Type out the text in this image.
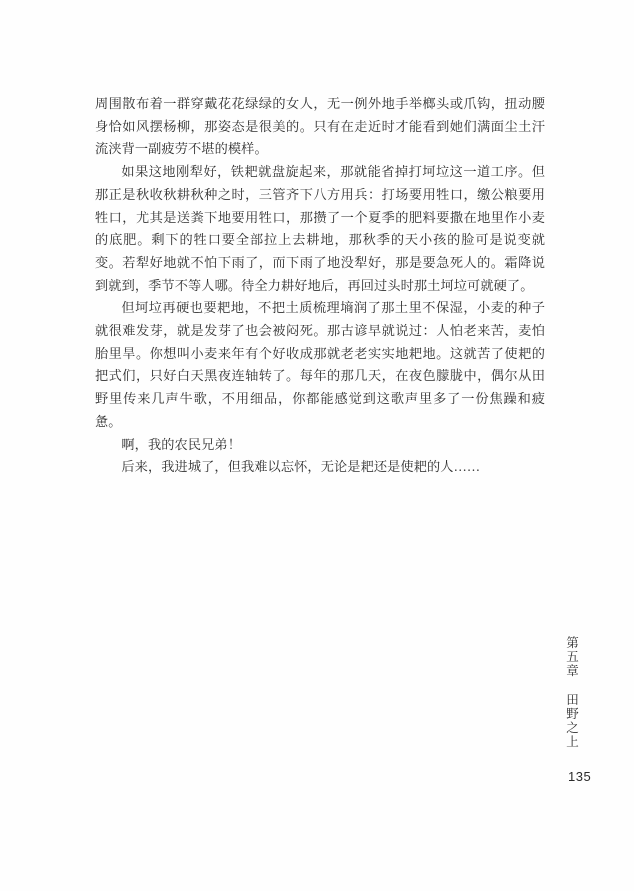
周围散布着一群穿戴花花绿绿的女人，无一例外地手举榔头或爪钩，扭动腰身恰如风摆杨柳，那姿态是很美的。只有在走近时才能看到她们满面尘土汗流浃背一副疲劳不堪的模样。

如果这地刚犁好，铁耙就盘旋起来，那就能省掉打坷垃这一道工序。但那正是秋收秋耕秋种之时，三管齐下八方用兵：打场要用牲口，缴公粮要用牲口，尤其是送粪下地要用牲口，那攒了一个夏季的肥料要撒在地里作小麦的底肥。剩下的牲口要全部拉上去耕地，那秋季的天小孩的脸可是说变就变。若犁好地就不怕下雨了，而下雨了地没犁好，那是要急死人的。霜降说到就到，季节不等人哪。待全力耕好地后，再回过头时那土坷垃可就硬了。

但坷垃再硬也要耙地，不把土质梳理墒润了那土里不保湿，小麦的种子就很难发芽，就是发芽了也会被闷死。那古谚早就说过：人怕老来苦，麦怕胎里旱。你想叫小麦来年有个好收成那就老老实实地耙地。这就苦了使耙的把式们，只好白天黑夜连轴转了。每年的那几天，在夜色朦胧中，偶尔从田野里传来几声牛歌，不用细品，你都能感觉到这歌声里多了一份焦躁和疲惫。

啊，我的农民兄弟！

后来，我进城了，但我难以忘怀，无论是耙还是使耙的人……

第五章田野之上
135
